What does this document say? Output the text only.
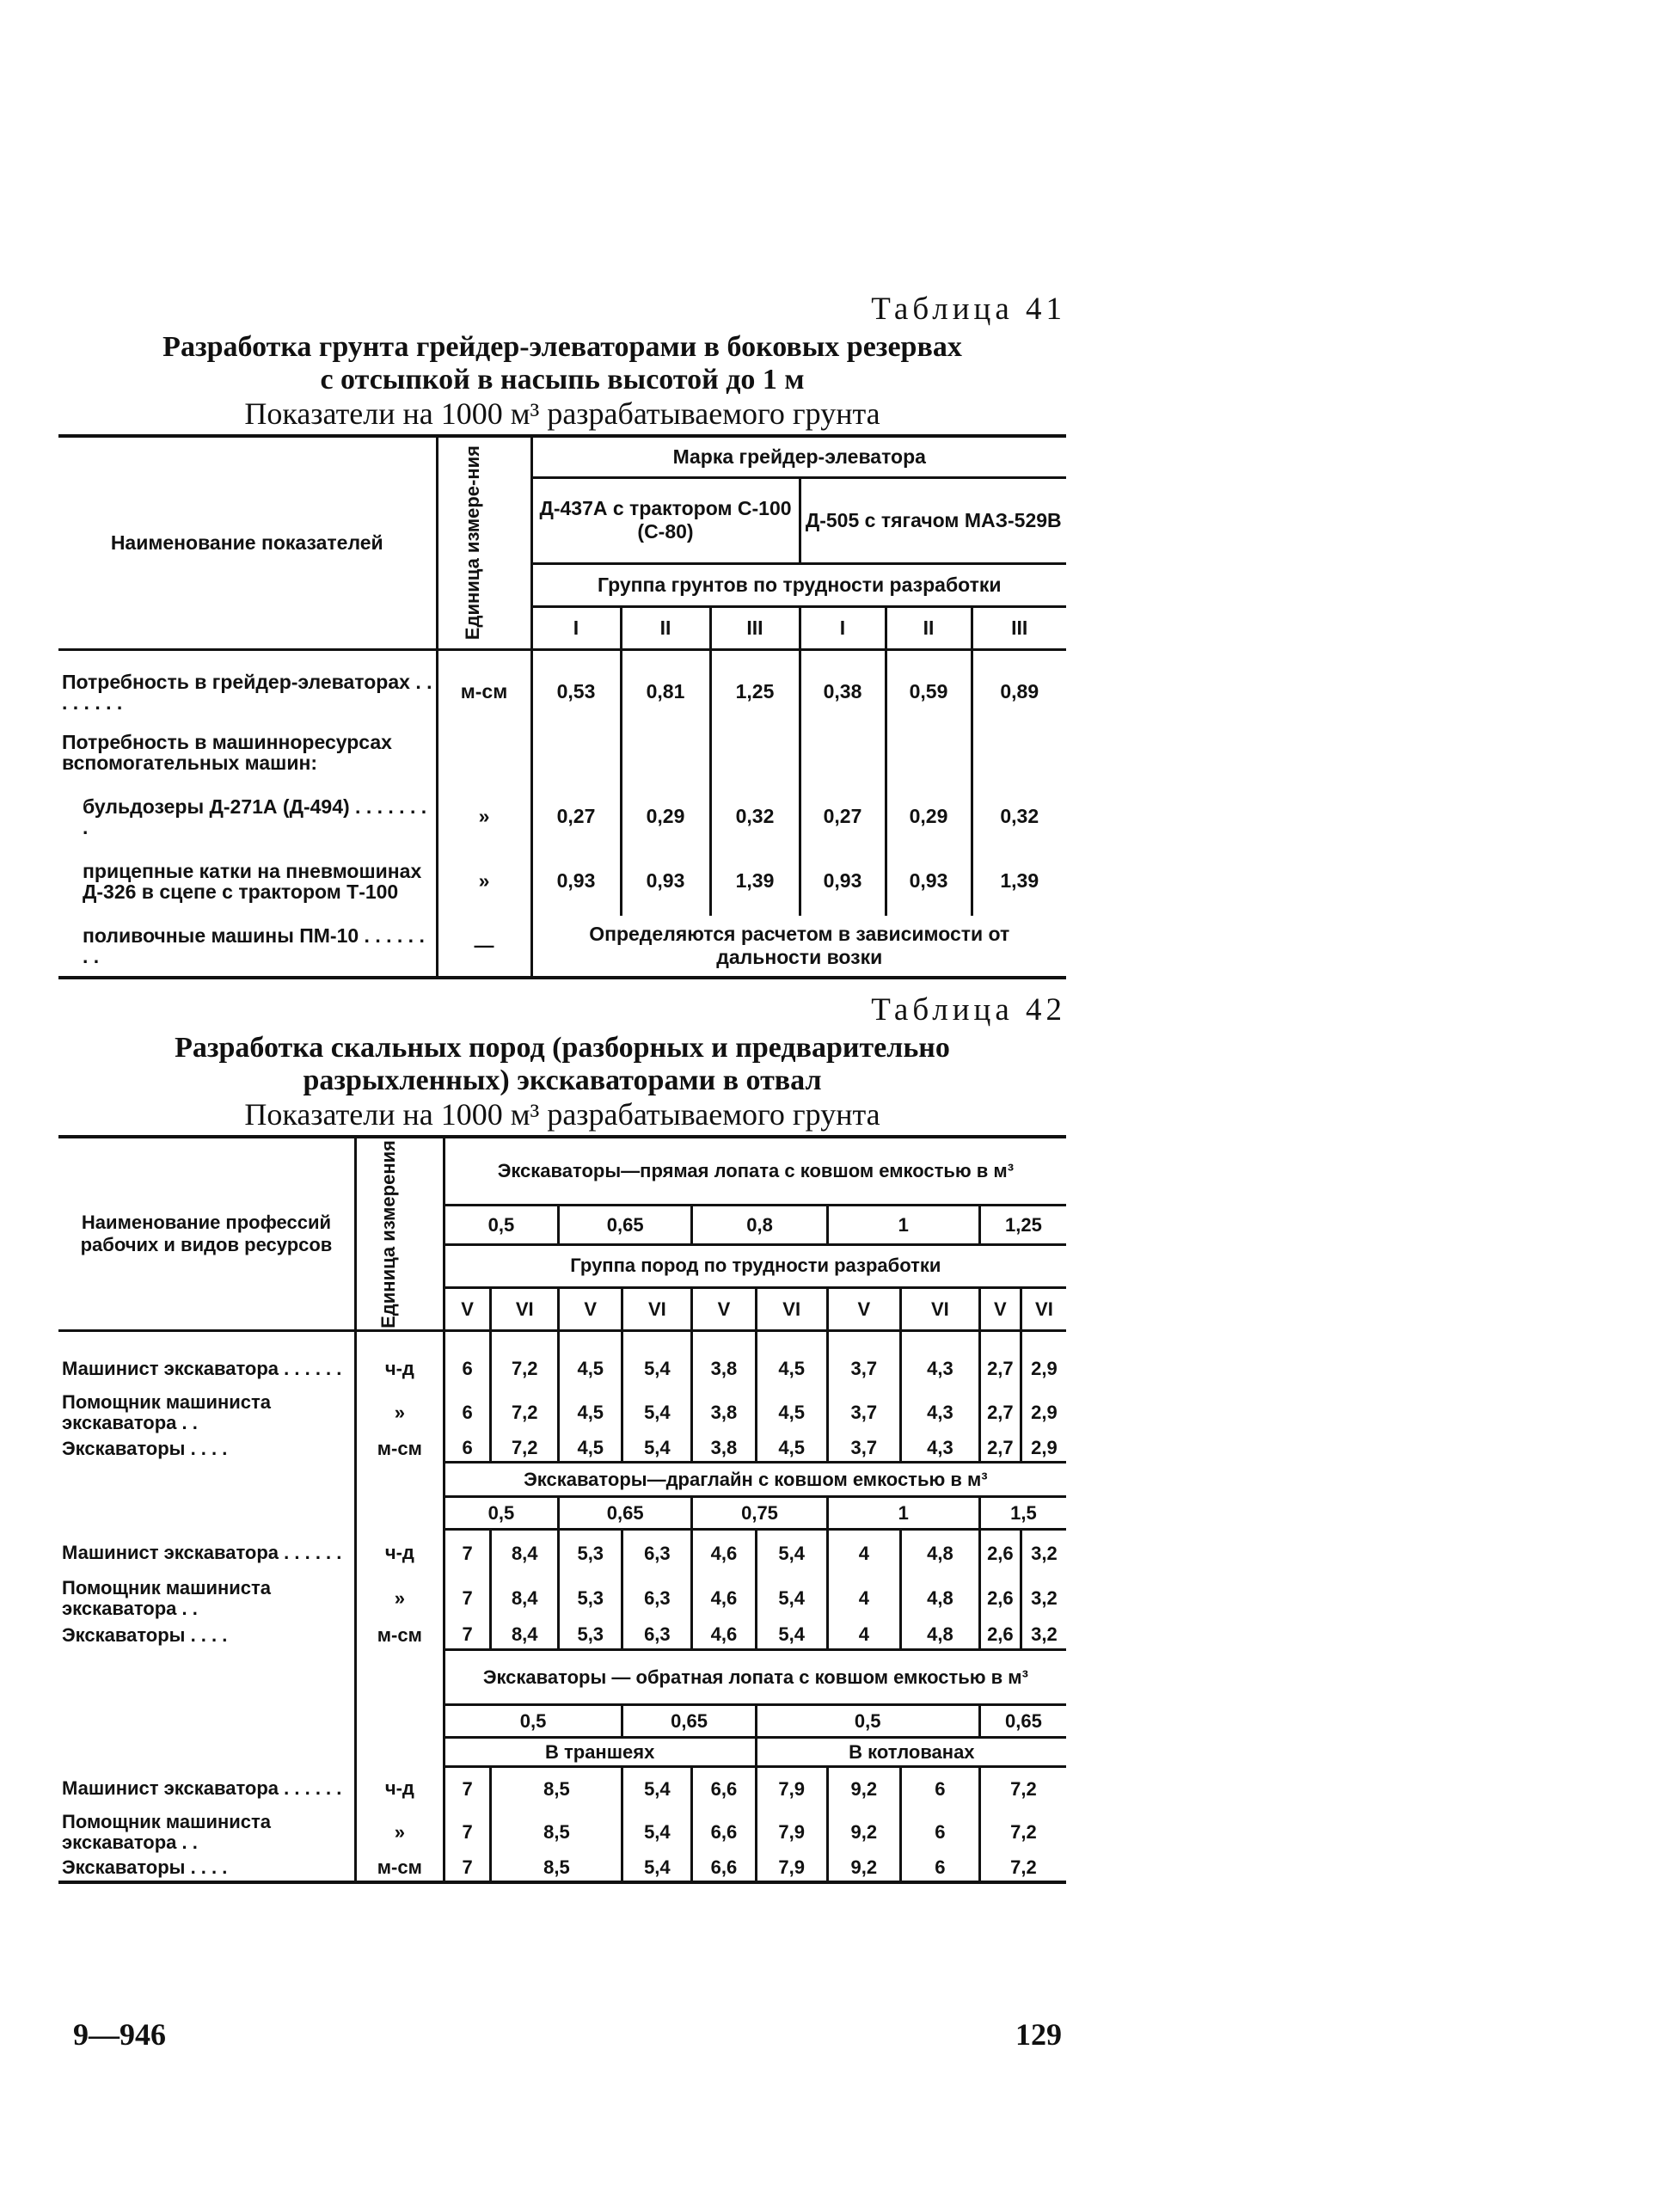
Таблица 41
Разработка грунта грейдер-элеваторами в боковых резервах
с отсыпкой в насыпь высотой до 1 м
Показатели на 1000 м³ разрабатываемого грунта
Наименование показателей	Единица измере-ния	Марка грейдер-элеватора					
		Д-437А с трактором С-100 (С-80)			Д-505 с тягачом МАЗ-529В		
		Группа грунтов по трудности разработки					
		I	II	III	I	II	III

Потребность в грейдер-элеваторах . . . . . . . .	м-см	0,53	0,81	1,25	0,38	0,59	0,89
Потребность в машинноресурсах вспомогательных машин:							
бульдозеры Д-271А (Д-494) . . . . . . . .	»	0,27	0,29	0,32	0,27	0,29	0,32
прицепные катки на пневмошинах Д-326 в сцепе с трактором Т-100	»	0,93	0,93	1,39	0,93	0,93	1,39
поливочные машины ПМ-10 . . . . . . . .	—	Определяются расчетом в зависимости от дальности возки					
Таблица 42
Разработка скальных пород (разборных и предварительно
разрыхленных) экскаваторами в отвал
Показатели на 1000 м³ разрабатываемого грунта
Наименование профессий рабочих и видов ресурсов	Единица измерения	Экскаваторы—прямая лопата с ковшом емкостью в м³									
		0,5		0,65		0,8		1		1,25	
		Группа пород по трудности разработки									
		V	VI	V	VI	V	VI	V	VI	V	VI

Машинист экскаватора . . . . . .	ч-д	6	7,2	4,5	5,4	3,8	4,5	3,7	4,3	2,7	2,9
Помощник машиниста экскаватора . .	»	6	7,2	4,5	5,4	3,8	4,5	3,7	4,3	2,7	2,9
Экскаваторы . . . .	м-см	6	7,2	4,5	5,4	3,8	4,5	3,7	4,3	2,7	2,9
		Экскаваторы—драглайн с ковшом емкостью в м³									
		0,5		0,65		0,75		1		1,5	
Машинист экскаватора . . . . . .	ч-д	7	8,4	5,3	6,3	4,6	5,4	4	4,8	2,6	3,2
Помощник машиниста экскаватора . .	»	7	8,4	5,3	6,3	4,6	5,4	4	4,8	2,6	3,2
Экскаваторы . . . .	м-см	7	8,4	5,3	6,3	4,6	5,4	4	4,8	2,6	3,2
		Экскаваторы — обратная лопата с ковшом емкостью в м³									
		0,5			0,65		0,5			0,65	
		В траншеях					В котлованах				
Машинист экскаватора . . . . . .	ч-д	7	8,5		5,4	6,6	7,9	9,2	6	7,2	
Помощник машиниста экскаватора . .	»	7	8,5		5,4	6,6	7,9	9,2	6	7,2	
Экскаваторы . . . .	м-см	7	8,5		5,4	6,6	7,9	9,2	6	7,2	
9—946	129
